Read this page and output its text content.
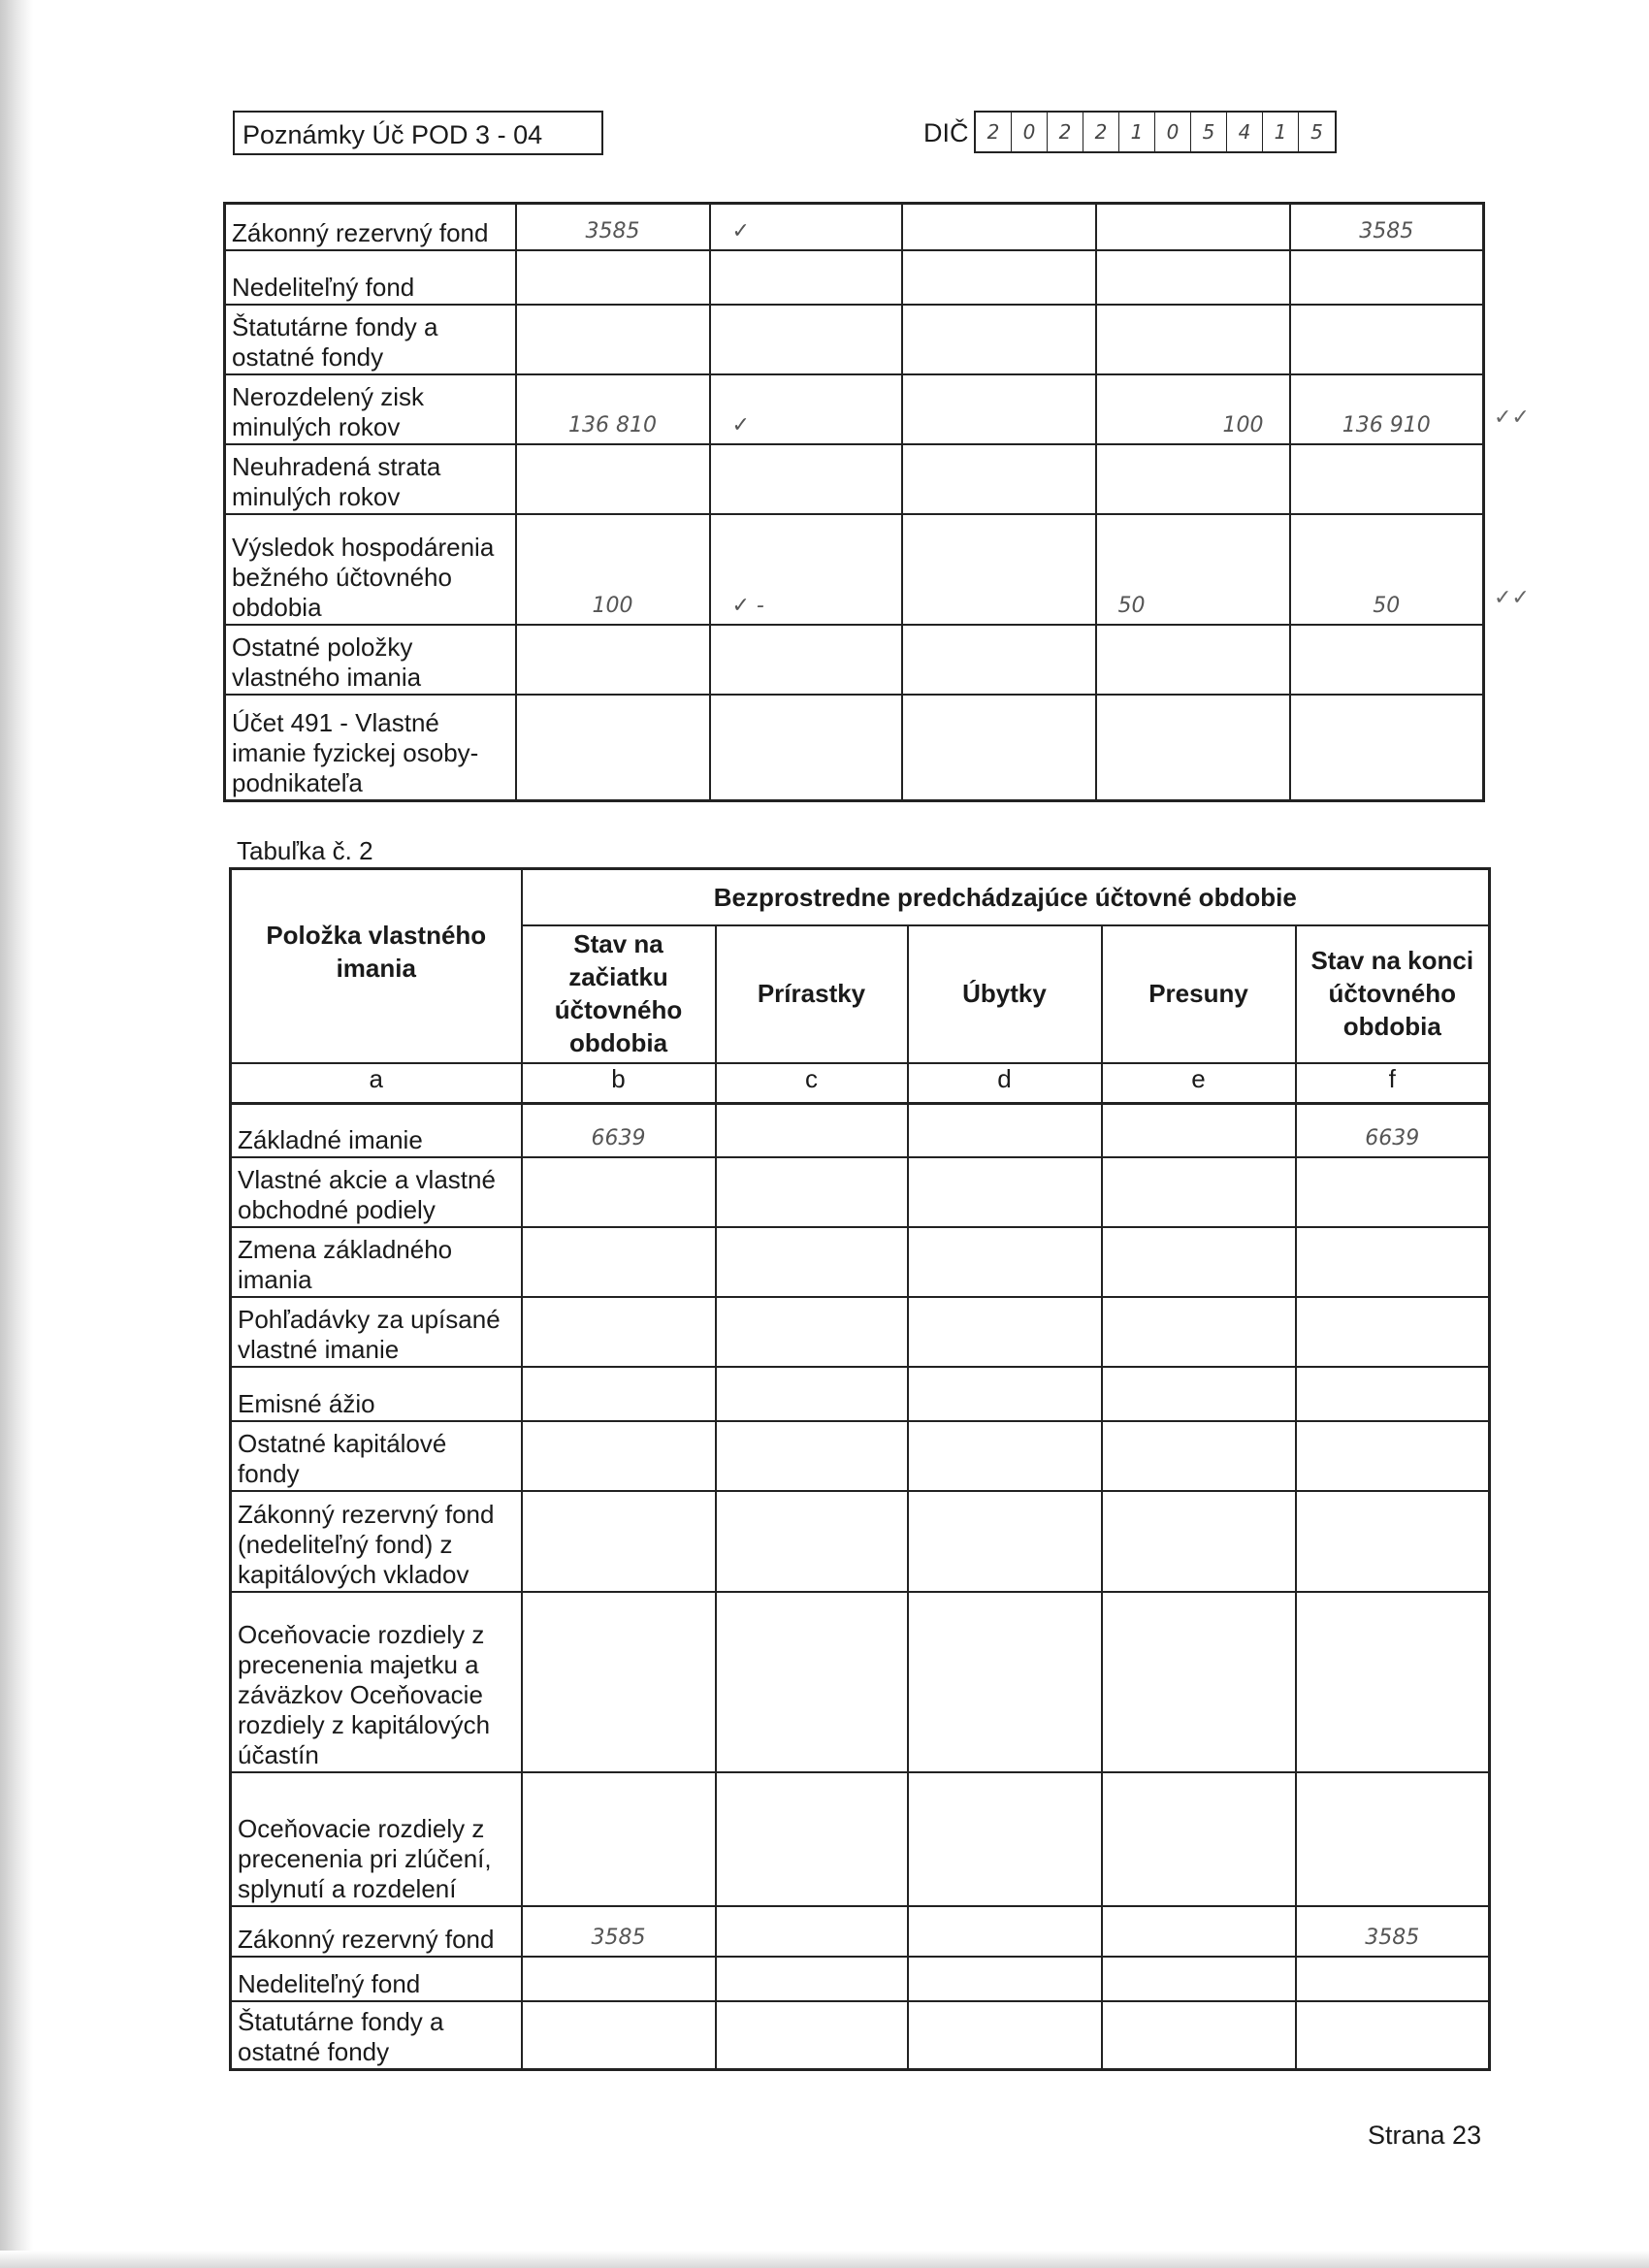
Poznámky Úč POD 3 - 04	DIČ 2	0	2	2	1	0	5	4	1	5
Zákonný rezervný fond	3585	✓			3585
Nedeliteľný fond					
Štatutárne fondy a ostatné fondy					
Nerozdelený zisk minulých rokov	136 810	✓		100	136 910
Neuhradená strata minulých rokov					
Výsledok hospodárenia bežného účtovného obdobia	100	✓ -		50	50
Ostatné položky vlastného imania					
Účet 491 - Vlastné imanie fyzickej osoby-podnikateľa					
✓✓
✓✓
Tabuľka č. 2
Položka vlastného imania	Bezprostredne predchádzajúce účtovné obdobie				
	Stav na začiatku účtovného obdobia	Prírastky	Úbytky	Presuny	Stav na konci účtovného obdobia

a	b	c	d	e	f
Základné imanie	6639				6639
Vlastné akcie a vlastné obchodné podiely					
Zmena základného imania					
Pohľadávky za upísané vlastné imanie					
Emisné ážio					
Ostatné kapitálové fondy					
Zákonný rezervný fond (nedeliteľný fond) z kapitálových vkladov					
Oceňovacie rozdiely z precenenia majetku a záväzkov Oceňovacie rozdiely z kapitálových účastín					
Oceňovacie rozdiely z precenenia pri zlúčení, splynutí a rozdelení					
Zákonný rezervný fond	3585				3585
Nedeliteľný fond					
Štatutárne fondy a ostatné fondy					
Strana 23
